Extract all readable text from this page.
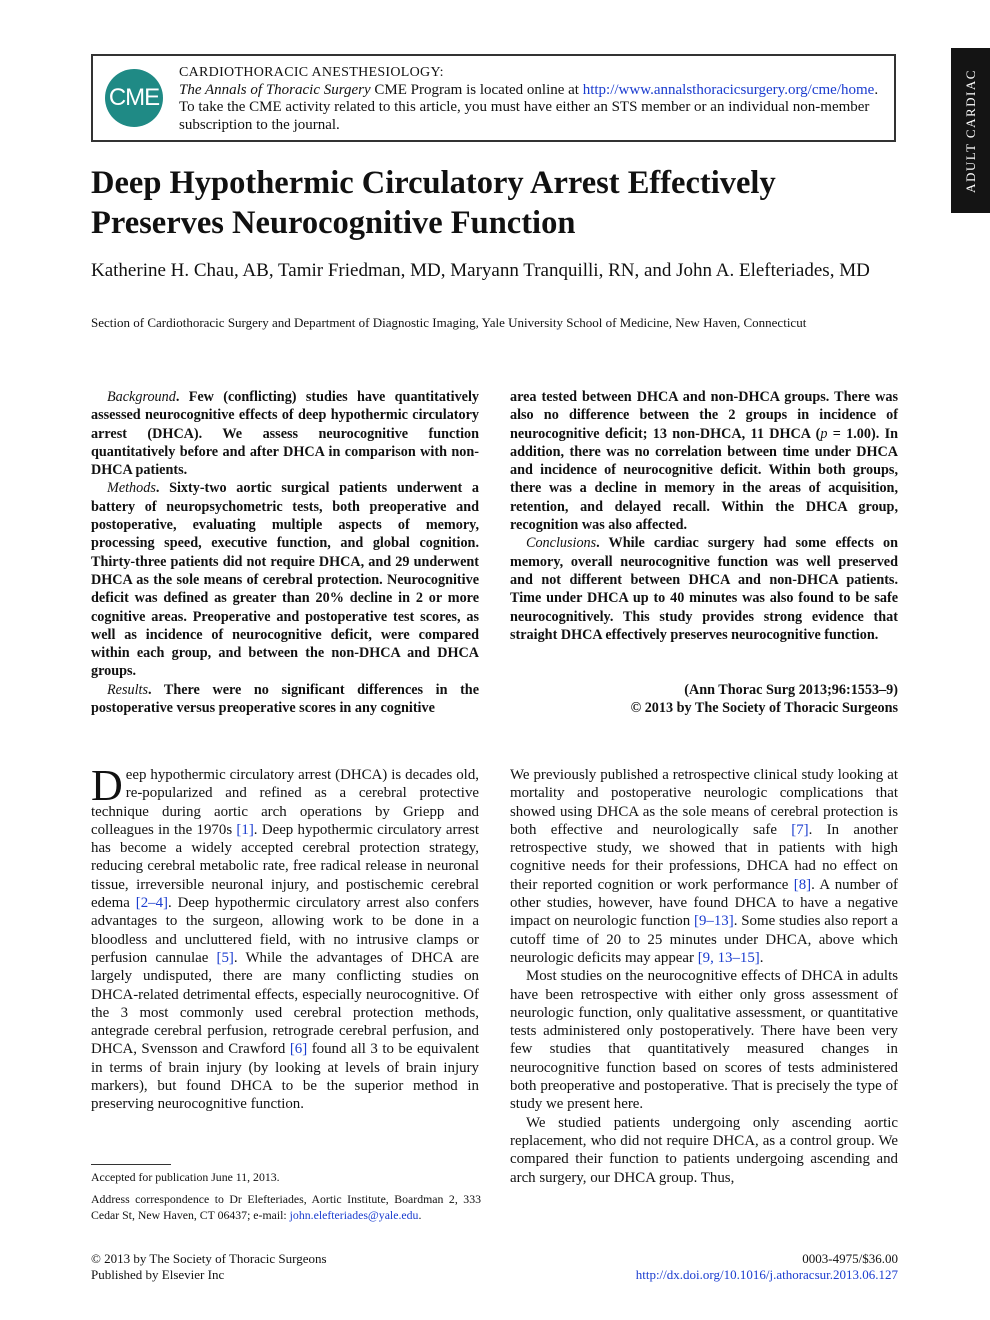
CME
CARDIOTHORACIC ANESTHESIOLOGY:
The Annals of Thoracic Surgery CME Program is located online at http://www.annalsthoracicsurgery.org/cme/home. To take the CME activity related to this article, you must have either an STS member or an individual non-member subscription to the journal.	ADULT CARDIAC
Deep Hypothermic Circulatory Arrest Effectively Preserves Neurocognitive Function
Katherine H. Chau, AB, Tamir Friedman, MD, Maryann Tranquilli, RN, and John A. Elefteriades, MD
Section of Cardiothoracic Surgery and Department of Diagnostic Imaging, Yale University School of Medicine, New Haven, Connecticut

Background. Few (conflicting) studies have quantitatively assessed neurocognitive effects of deep hypothermic circulatory arrest (DHCA). We assess neurocognitive function quantitatively before and after DHCA in comparison with non-DHCA patients.

Methods. Sixty-two aortic surgical patients underwent a battery of neuropsychometric tests, both preoperative and postoperative, evaluating multiple aspects of memory, processing speed, executive function, and global cognition. Thirty-three patients did not require DHCA, and 29 underwent DHCA as the sole means of cerebral protection. Neurocognitive deficit was defined as greater than 20% decline in 2 or more cognitive areas. Preoperative and postoperative test scores, as well as incidence of neurocognitive deficit, were compared within each group, and between the non-DHCA and DHCA groups.

Results. There were no significant differences in the postoperative versus preoperative scores in any cognitive

area tested between DHCA and non-DHCA groups. There was also no difference between the 2 groups in incidence of neurocognitive deficit; 13 non-DHCA, 11 DHCA (p = 1.00). In addition, there was no correlation between time under DHCA and incidence of neurocognitive deficit. Within both groups, there was a decline in memory in the areas of acquisition, retention, and delayed recall. Within the DHCA group, recognition was also affected.

Conclusions. While cardiac surgery had some effects on memory, overall neurocognitive function was well preserved and not different between DHCA and non-DHCA patients. Time under DHCA up to 40 minutes was also found to be safe neurocognitively. This study provides strong evidence that straight DHCA effectively preserves neurocognitive function.

(Ann Thorac Surg 2013;96:1553–9)
© 2013 by The Society of Thoracic Surgeons

Deep hypothermic circulatory arrest (DHCA) is decades old, re-popularized and refined as a cerebral protective technique during aortic arch operations by Griepp and colleagues in the 1970s [1]. Deep hypothermic circulatory arrest has become a widely accepted cerebral protection strategy, reducing cerebral metabolic rate, free radical release in neuronal tissue, irreversible neuronal injury, and postischemic cerebral edema [2–4]. Deep hypothermic circulatory arrest also confers advantages to the surgeon, allowing work to be done in a bloodless and uncluttered field, with no intrusive clamps or perfusion cannulae [5]. While the advantages of DHCA are largely undisputed, there are many conflicting studies on DHCA-related detrimental effects, especially neurocognitive. Of the 3 most commonly used cerebral protection methods, antegrade cerebral perfusion, retrograde cerebral perfusion, and DHCA, Svensson and Crawford [6] found all 3 to be equivalent in terms of brain injury (by looking at levels of brain injury markers), but found DHCA to be the superior method in preserving neurocognitive function.

We previously published a retrospective clinical study looking at mortality and postoperative neurologic complications that showed using DHCA as the sole means of cerebral protection is both effective and neurologically safe [7]. In another retrospective study, we showed that in patients with high cognitive needs for their professions, DHCA had no effect on their reported cognition or work performance [8]. A number of other studies, however, have found DHCA to have a negative impact on neurologic function [9–13]. Some studies also report a cutoff time of 20 to 25 minutes under DHCA, above which neurologic deficits may appear [9, 13–15].

Most studies on the neurocognitive effects of DHCA in adults have been retrospective with either only gross assessment of neurologic function, only qualitative assessment, or quantitative tests administered only postoperatively. There have been very few studies that quantitatively measured changes in neurocognitive function based on scores of tests administered both preoperative and postoperative. That is precisely the type of study we present here.

We studied patients undergoing only ascending aortic replacement, who did not require DHCA, as a control group. We compared their function to patients undergoing ascending and arch surgery, our DHCA group. Thus,

Accepted for publication June 11, 2013.
Address correspondence to Dr Elefteriades, Aortic Institute, Boardman 2, 333 Cedar St, New Haven, CT 06437; e-mail: john.elefteriades@yale.edu.
© 2013 by The Society of Thoracic Surgeons
Published by Elsevier Inc
0003-4975/$36.00
http://dx.doi.org/10.1016/j.athoracsur.2013.06.127
